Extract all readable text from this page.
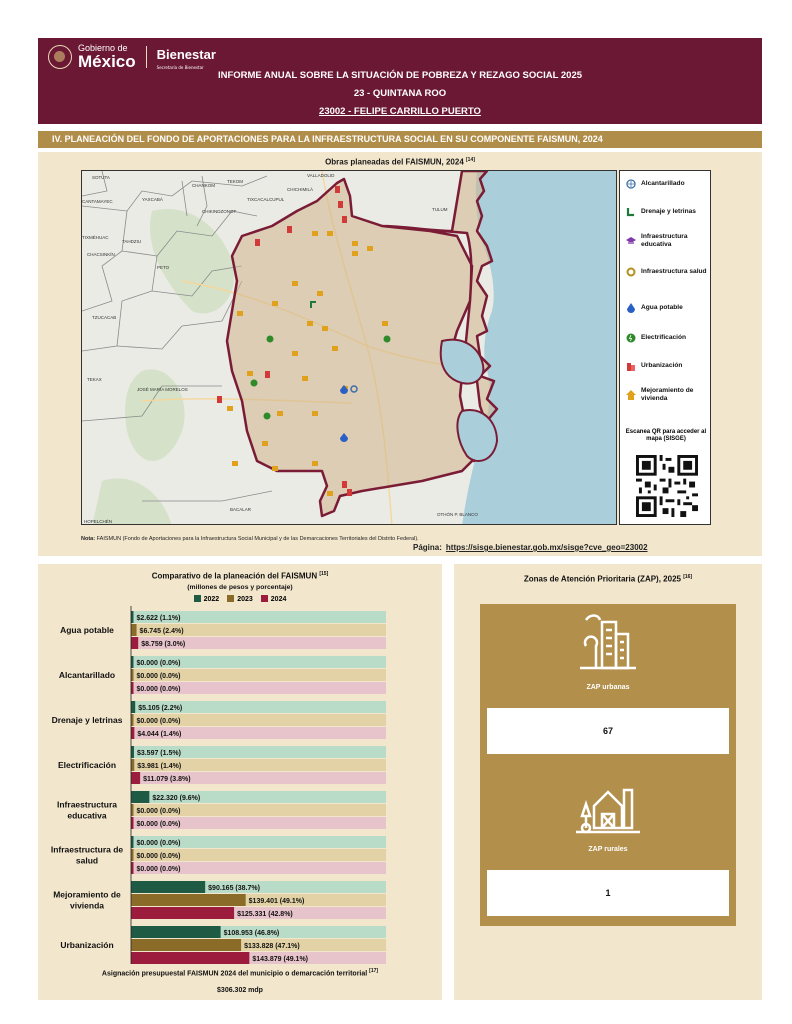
Gobierno de
México Bienestar
Secretaría de Bienestar
INFORME ANUAL SOBRE LA SITUACIÓN DE POBREZA Y REZAGO SOCIAL 2025
23 - QUINTANA ROO
23002 - FELIPE CARRILLO PUERTO
IV. PLANEACIÓN DEL FONDO DE APORTACIONES PARA LA INFRAESTRUCTURA SOCIAL EN SU COMPONENTE FAISMUN, 2024
Obras planeadas del FAISMUN, 2024 [14]
SOTUTA	VALLADOLID
CHANKOM
TEKOM
CHICHIMILÁ
YAXCABÁ
CANTAMAYEC	TIXCACALCUPUL
CHIKINDZONOT	TULUM
TAHDZIU
CHACSINKÍN
PETO
TZUCACAB
TEKAX
JOSÉ MARÍA MORELOS
BACALAR
HOPELCHÉN
OTHÓN P. BLANCO
TIXMÉHUAC
Alcantarillado
Drenaje y letrinas
Infraestructura educativa
Infraestructura salud
Agua potable
Electrificación
Urbanización
Mejoramiento de vivienda
Escanea QR para acceder al mapa (SISGE)
Nota: FAISMUN (Fondo de Aportaciones para la Infraestructura Social Municipal y de las Demarcaciones Territoriales del Distrito Federal).
Página: https://sisge.bienestar.gob.mx/sisge?cve_geo=23002
Comparativo de la planeación del FAISMUN [15]
(millones de pesos y porcentaje)
2022	2023	2024
Agua potable
$2.622 (1.1%)
$6.745 (2.4%)
$8.759 (3.0%)
Alcantarillado
$0.000 (0.0%)
$0.000 (0.0%)
$0.000 (0.0%)
Drenaje y letrinas
$5.105 (2.2%)
$0.000 (0.0%)
$4.044 (1.4%)
Electrificación
$3.597 (1.5%)
$3.981 (1.4%)
$11.079 (3.8%)
Infraestructura educativa
$22.320 (9.6%)
$0.000 (0.0%)
$0.000 (0.0%)
Infraestructura de salud
$0.000 (0.0%)
$0.000 (0.0%)
$0.000 (0.0%)
Mejoramiento de vivienda
$90.165 (38.7%)
$139.401 (49.1%)
$125.331 (42.8%)
Urbanización
$108.953 (46.8%)
$133.828 (47.1%)
$143.879 (49.1%)
Asignación presupuestal FAISMUN 2024 del municipio o demarcación territorial [17]
$306.302 mdp
Zonas de Atención Prioritaria (ZAP), 2025 [16]
ZAP urbanas
67
ZAP rurales
1
